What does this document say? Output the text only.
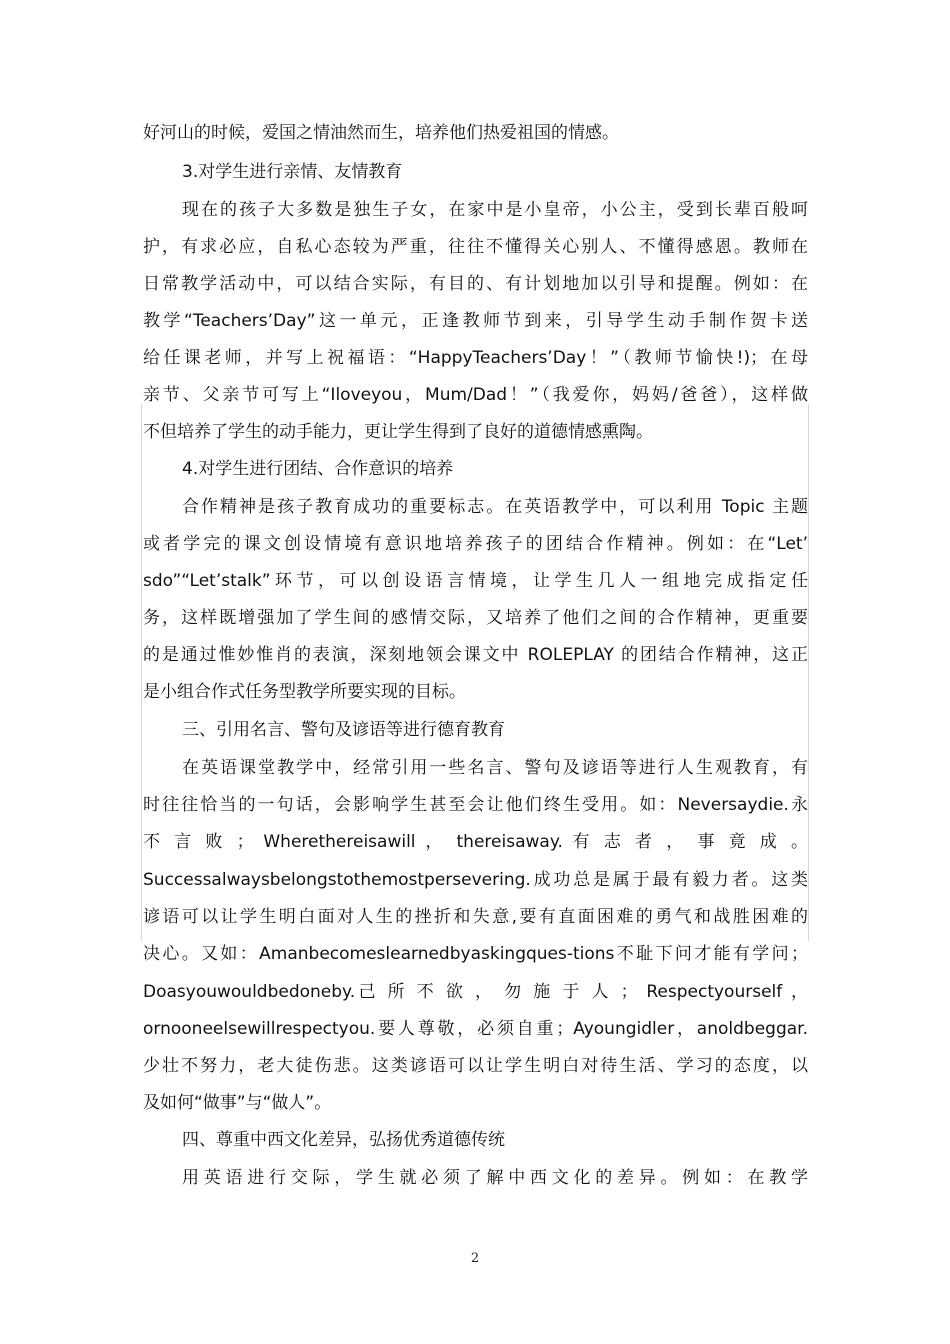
好河山的时候，爱国之情油然而生，培养他们热爱祖国的情感。
3.对学生进行亲情、友情教育
现在的孩子大多数是独生子女，在家中是小皇帝，小公主，受到长辈百般呵
护，有求必应，自私心态较为严重，往往不懂得关心别人、不懂得感恩。教师在
日常教学活动中，可以结合实际，有目的、有计划地加以引导和提醒。例如：在
教学“Teachers’Day”这一单元，正逢教师节到来，引导学生动手制作贺卡送
给任课老师，并写上祝福语：“HappyTeachers’Day！”（教师节愉快!)；在母
亲节、父亲节可写上“Iloveyou，Mum/Dad！”（我爱你，妈妈/爸爸），这样做
不但培养了学生的动手能力，更让学生得到了良好的道德情感熏陶。
4.对学生进行团结、合作意识的培养
合作精神是孩子教育成功的重要标志。在英语教学中，可以利用 Topic 主题
或者学完的课文创设情境有意识地培养孩子的团结合作精神。例如：在“Let’
sdo”“Let’stalk”环节，可以创设语言情境，让学生几人一组地完成指定任
务，这样既增强加了学生间的感情交际，又培养了他们之间的合作精神，更重要
的是通过惟妙惟肖的表演，深刻地领会课文中 ROLEPLAY 的团结合作精神，这正
是小组合作式任务型教学所要实现的目标。
三、引用名言、警句及谚语等进行德育教育
在英语课堂教学中，经常引用一些名言、警句及谚语等进行人生观教育，有
时往往恰当的一句话，会影响学生甚至会让他们终生受用。如：Neversaydie.永
不 言 败 ； Wherethereisawill ， thereisaway. 有 志 者 ， 事 竟 成 。
Successalwaysbelongstothemostpersevering.成功总是属于最有毅力者。这类
谚语可以让学生明白面对人生的挫折和失意,要有直面困难的勇气和战胜困难的
决心。又如：Amanbecomeslearnedbyaskingques-tions不耻下问才能有学问；
Doasyouwouldbedoneby.己 所 不 欲 ， 勿 施 于 人 ； Respectyourself ，
ornooneelsewillrespectyou.要人尊敬，必须自重；Ayoungidler，anoldbeggar.
少壮不努力，老大徒伤悲。这类谚语可以让学生明白对待生活、学习的态度，以
及如何“做事”与“做人”。
四、尊重中西文化差异，弘扬优秀道德传统
用英语进行交际，学生就必须了解中西文化的差异。例如：在教学
2
